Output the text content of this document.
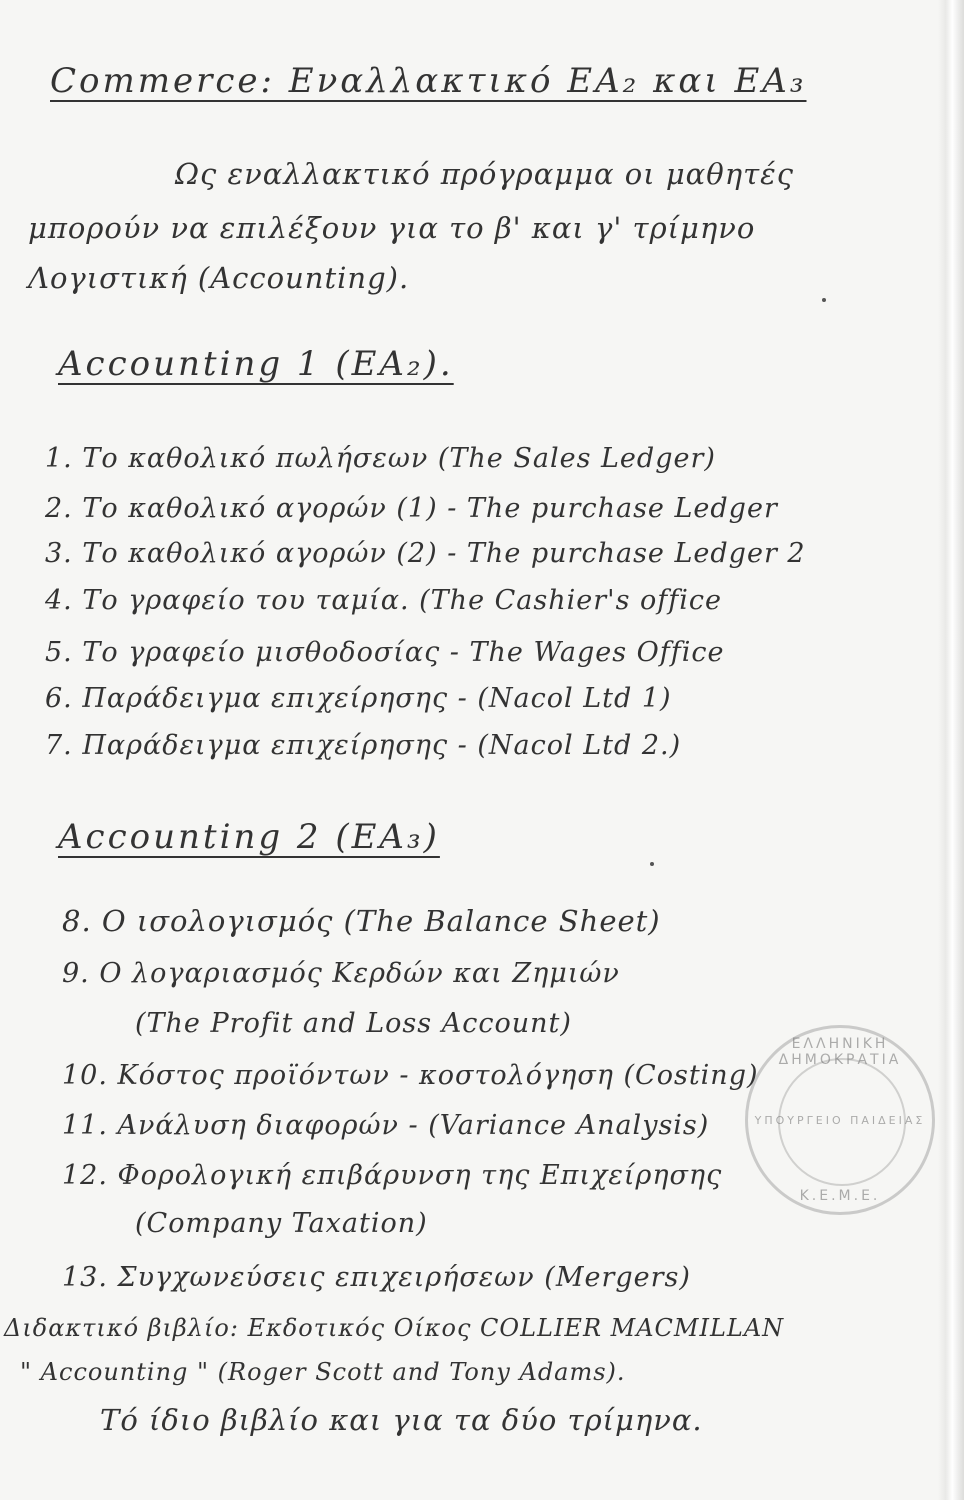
Commerce: Εναλλακτικό ΕΑ₂ και ΕΑ₃
Ως εναλλακτικό πρόγραμμα οι μαθητές
μπορούν να επιλέξουν για το β' και γ' τρίμηνο
Λογιστική (Accounting).
Accounting 1 (ΕΑ₂).
1. Το καθολικό πωλήσεων (The Sales Ledger)
2. Το καθολικό αγορών (1) - The purchase Ledger
3. Το καθολικό αγορών (2) - The purchase Ledger 2
4. Το γραφείο του ταμία. (The Cashier's office
5. Το γραφείο μισθοδοσίας - The Wages Office
6. Παράδειγμα επιχείρησης - (Nacol Ltd 1)
7. Παράδειγμα επιχείρησης - (Nacol Ltd 2.)
Accounting 2 (ΕΑ₃)
8. Ο ισολογισμός (The Balance Sheet)
9. Ο λογαριασμός Κερδών και Ζημιών
(The Profit and Loss Account)
10. Κόστος προϊόντων - κοστολόγηση (Costing)
11. Ανάλυση διαφορών - (Variance Analysis)
12. Φορολογική επιβάρυνση της Επιχείρησης
(Company Taxation)
13. Συγχωνεύσεις επιχειρήσεων (Mergers)
Διδακτικό βιβλίο: Εκδοτικός Οίκος COLLIER MACMILLAN
" Accounting " (Roger Scott and Tony Adams).
Τό ίδιο βιβλίο και για τα δύο τρίμηνα.
ΕΛΛΗΝΙΚΗ ΔΗΜΟΚΡΑΤΙΑ
ΥΠΟΥΡΓΕΙΟ ΠΑΙΔΕΙΑΣ
Κ.Ε.Μ.Ε.
